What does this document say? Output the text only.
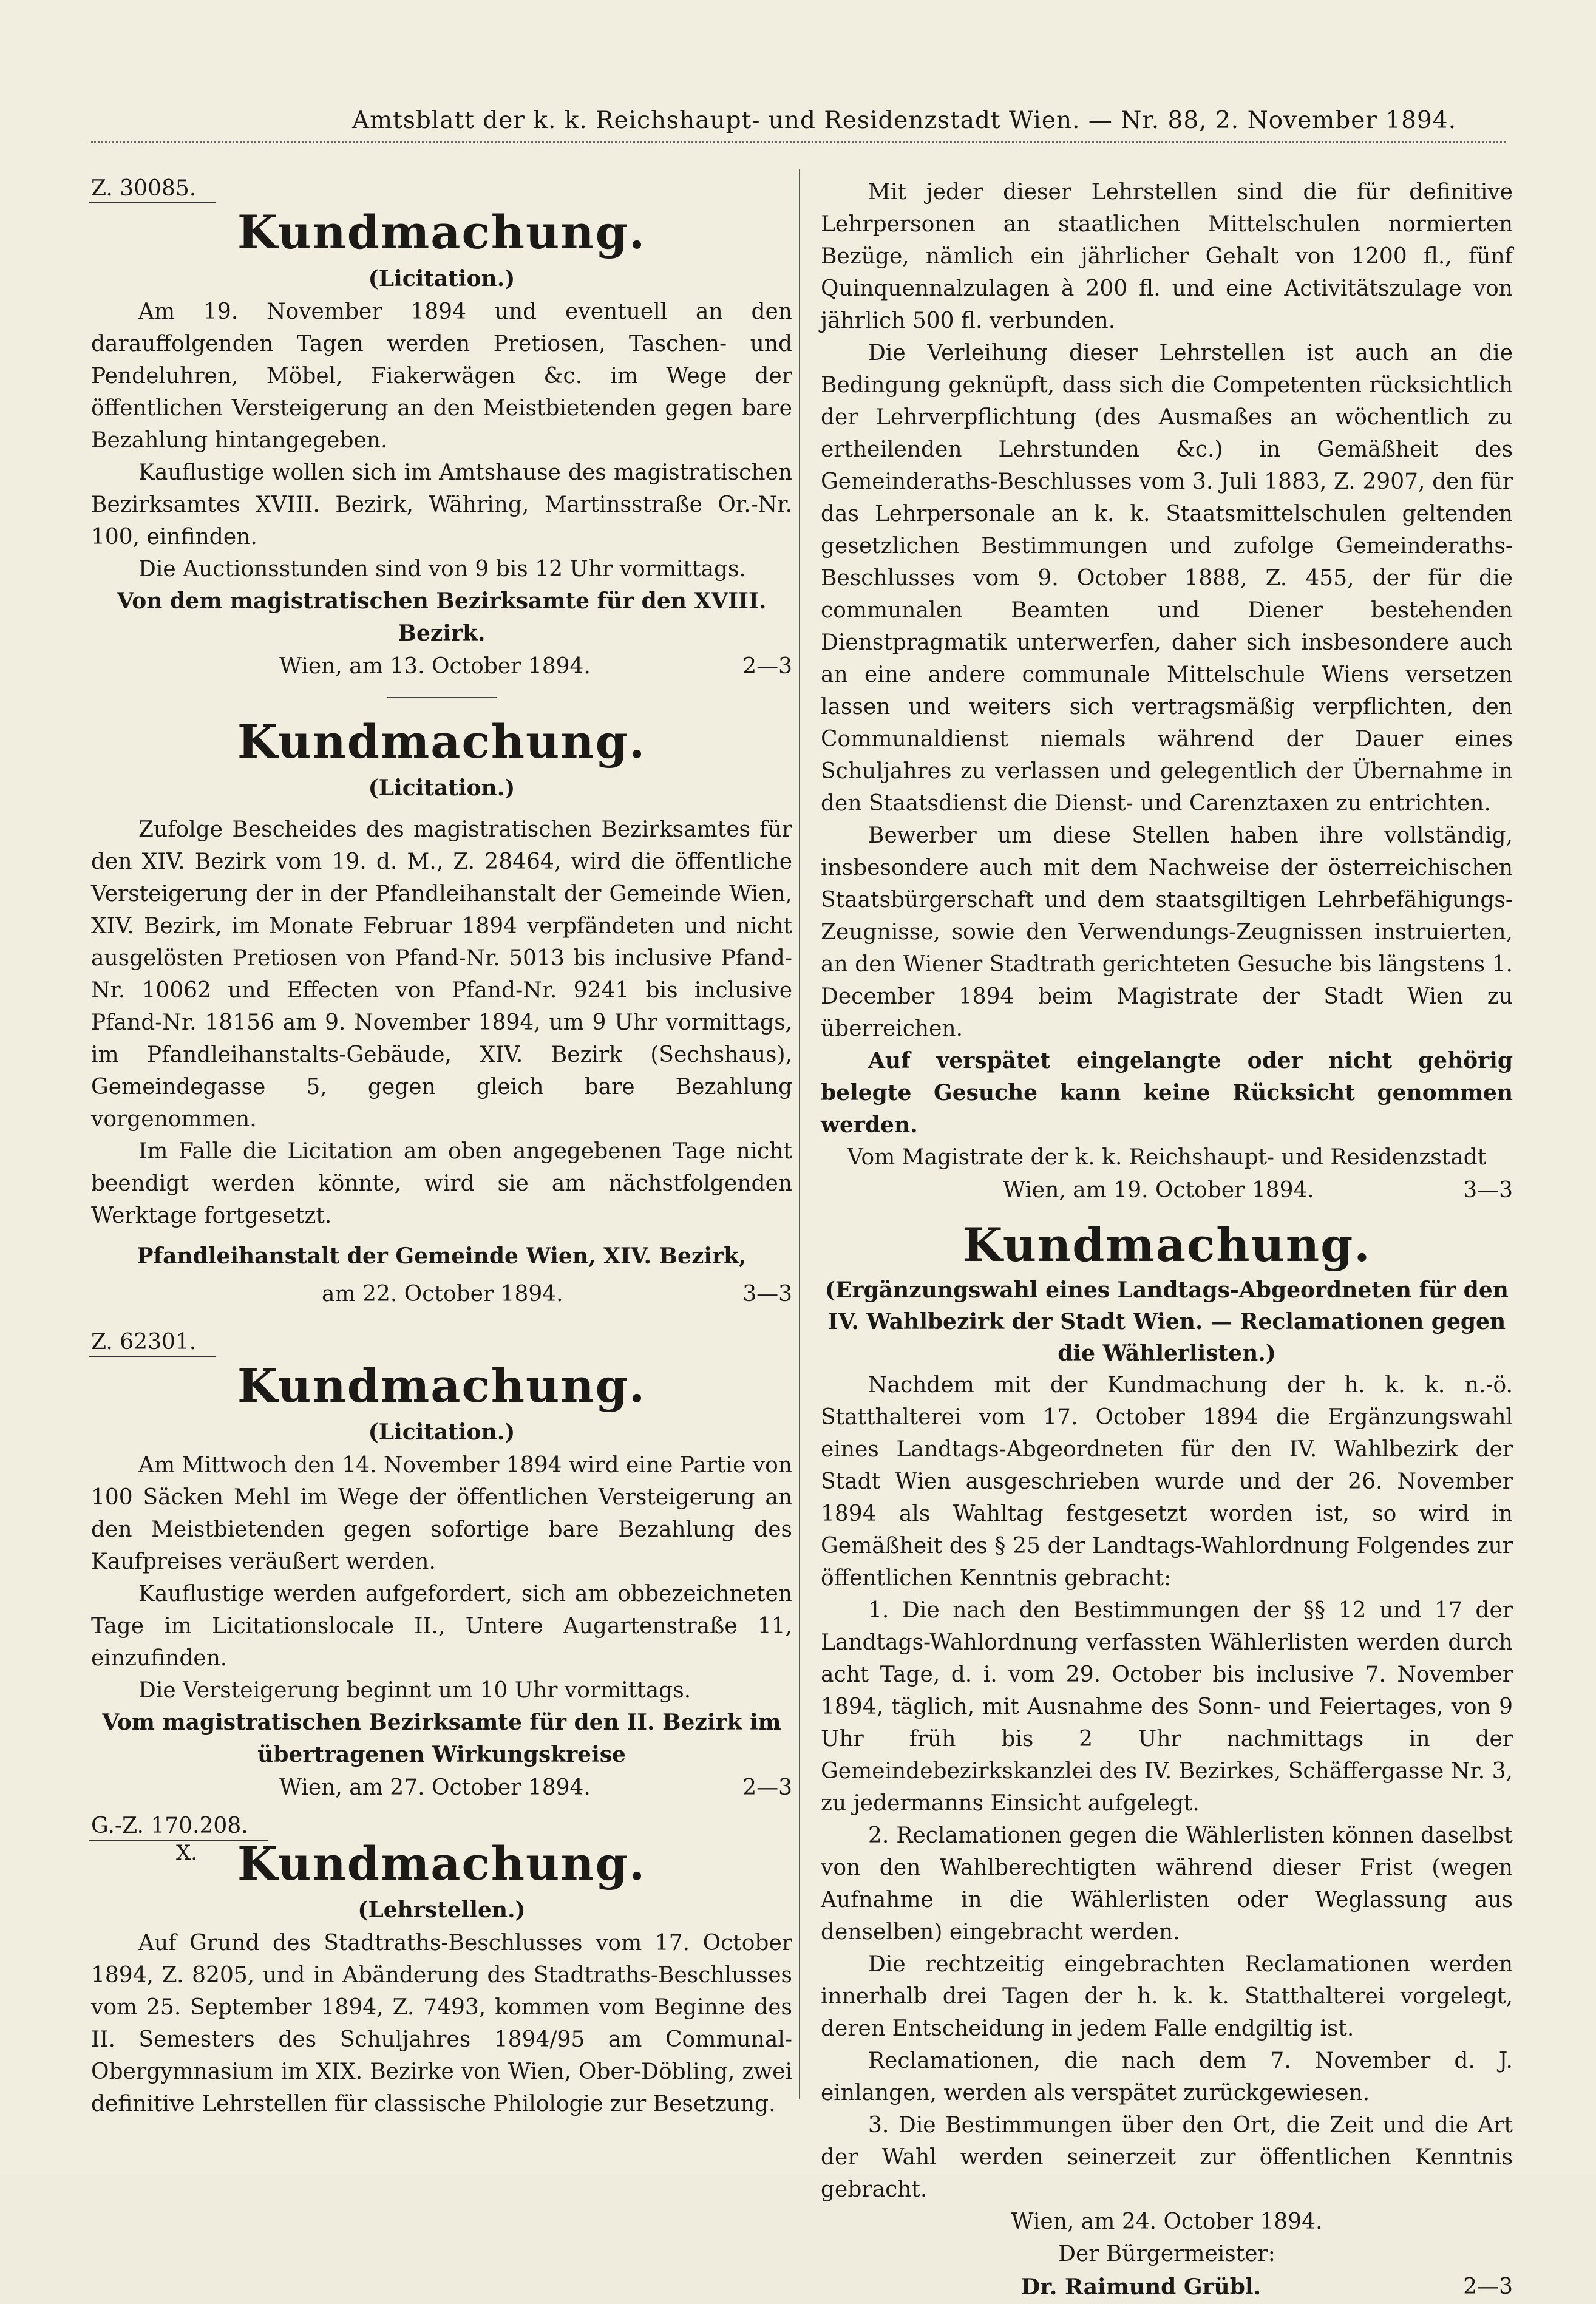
Amtsblatt der k. k. Reichshaupt- und Residenzstadt Wien. — Nr. 88, 2. November 1894.
Z. 30085.

Kundmachung.

(Licitation.)

Am 19. November 1894 und eventuell an den darauffolgenden Tagen werden Pretiosen, Taschen- und Pendeluhren, Möbel, Fiakerwägen &c. im Wege der öffentlichen Versteigerung an den Meistbietenden gegen bare Bezahlung hintangegeben.

Kauflustige wollen sich im Amtshause des magistratischen Bezirksamtes XVIII. Bezirk, Währing, Martinsstraße Or.-Nr. 100, einfinden.

Die Auctionsstunden sind von 9 bis 12 Uhr vormittags.

Von dem magistratischen Bezirksamte für den XVIII. Bezirk.

Wien, am 13. October 1894.	2—3

Kundmachung.

(Licitation.)

Zufolge Bescheides des magistratischen Bezirksamtes für den XIV. Bezirk vom 19. d. M., Z. 28464, wird die öffentliche Versteigerung der in der Pfandleihanstalt der Gemeinde Wien, XIV. Bezirk, im Monate Februar 1894 verpfändeten und nicht ausgelösten Pretiosen von Pfand-Nr. 5013 bis inclusive Pfand-Nr. 10062 und Effecten von Pfand-Nr. 9241 bis inclusive Pfand-Nr. 18156 am 9. November 1894, um 9 Uhr vormittags, im Pfandleihanstalts-Gebäude, XIV. Bezirk (Sechshaus), Gemeindegasse 5, gegen gleich bare Bezahlung vorgenommen.

Im Falle die Licitation am oben angegebenen Tage nicht beendigt werden könnte, wird sie am nächstfolgenden Werktage fortgesetzt.

Pfandleihanstalt der Gemeinde Wien, XIV. Bezirk,

am 22. October 1894.	3—3
Z. 62301.

Kundmachung.

(Licitation.)

Am Mittwoch den 14. November 1894 wird eine Partie von 100 Säcken Mehl im Wege der öffentlichen Versteigerung an den Meistbietenden gegen sofortige bare Bezahlung des Kaufpreises veräußert werden.

Kauflustige werden aufgefordert, sich am obbezeichneten Tage im Licitationslocale II., Untere Augartenstraße 11, einzufinden.

Die Versteigerung beginnt um 10 Uhr vormittags.

Vom magistratischen Bezirksamte für den II. Bezirk im übertragenen Wirkungskreise

Wien, am 27. October 1894.	2—3
G.-Z. 170.208.
X. Kundmachung.

(Lehrstellen.)

Auf Grund des Stadtraths-Beschlusses vom 17. October 1894, Z. 8205, und in Abänderung des Stadtraths-Beschlusses vom 25. September 1894, Z. 7493, kommen vom Beginne des II. Semesters des Schuljahres 1894/95 am Communal-Obergymnasium im XIX. Bezirke von Wien, Ober-Döbling, zwei definitive Lehrstellen für classische Philologie zur Besetzung.

Mit jeder dieser Lehrstellen sind die für definitive Lehrpersonen an staatlichen Mittelschulen normierten Bezüge, nämlich ein jährlicher Gehalt von 1200 fl., fünf Quinquennalzulagen à 200 fl. und eine Activitätszulage von jährlich 500 fl. verbunden.

Die Verleihung dieser Lehrstellen ist auch an die Bedingung geknüpft, dass sich die Competenten rücksichtlich der Lehrverpflichtung (des Ausmaßes an wöchentlich zu ertheilenden Lehrstunden &c.) in Gemäßheit des Gemeinderaths-Beschlusses vom 3. Juli 1883, Z. 2907, den für das Lehrpersonale an k. k. Staatsmittelschulen geltenden gesetzlichen Bestimmungen und zufolge Gemeinderaths-Beschlusses vom 9. October 1888, Z. 455, der für die communalen Beamten und Diener bestehenden Dienstpragmatik unterwerfen, daher sich insbesondere auch an eine andere communale Mittelschule Wiens versetzen lassen und weiters sich vertragsmäßig verpflichten, den Communaldienst niemals während der Dauer eines Schuljahres zu verlassen und gelegentlich der Übernahme in den Staatsdienst die Dienst- und Carenztaxen zu entrichten.

Bewerber um diese Stellen haben ihre vollständig, insbesondere auch mit dem Nachweise der österreichischen Staatsbürgerschaft und dem staatsgiltigen Lehrbefähigungs-Zeugnisse, sowie den Verwendungs-Zeugnissen instruierten, an den Wiener Stadtrath gerichteten Gesuche bis längstens 1. December 1894 beim Magistrate der Stadt Wien zu überreichen.

Auf verspätet eingelangte oder nicht gehörig belegte Gesuche kann keine Rücksicht genommen werden.

Vom Magistrate der k. k. Reichshaupt- und Residenzstadt

Wien, am 19. October 1894.	3—3

Kundmachung.

(Ergänzungswahl eines Landtags-Abgeordneten für den IV. Wahlbezirk der Stadt Wien. — Reclamationen gegen die Wählerlisten.)

Nachdem mit der Kundmachung der h. k. k. n.-ö. Statthalterei vom 17. October 1894 die Ergänzungswahl eines Landtags-Abgeordneten für den IV. Wahlbezirk der Stadt Wien ausgeschrieben wurde und der 26. November 1894 als Wahltag festgesetzt worden ist, so wird in Gemäßheit des § 25 der Landtags-Wahlordnung Folgendes zur öffentlichen Kenntnis gebracht:

1. Die nach den Bestimmungen der §§ 12 und 17 der Landtags-Wahlordnung verfassten Wählerlisten werden durch acht Tage, d. i. vom 29. October bis inclusive 7. November 1894, täglich, mit Ausnahme des Sonn- und Feiertages, von 9 Uhr früh bis 2 Uhr nachmittags in der Gemeindebezirkskanzlei des IV. Bezirkes, Schäffergasse Nr. 3, zu jedermanns Einsicht aufgelegt.

2. Reclamationen gegen die Wählerlisten können daselbst von den Wahlberechtigten während dieser Frist (wegen Aufnahme in die Wählerlisten oder Weglassung aus denselben) eingebracht werden.

Die rechtzeitig eingebrachten Reclamationen werden innerhalb drei Tagen der h. k. k. Statthalterei vorgelegt, deren Entscheidung in jedem Falle endgiltig ist.

Reclamationen, die nach dem 7. November d. J. einlangen, werden als verspätet zurückgewiesen.

3. Die Bestimmungen über den Ort, die Zeit und die Art der Wahl werden seinerzeit zur öffentlichen Kenntnis gebracht.

Wien, am 24. October 1894.

Der Bürgermeister:

Dr. Raimund Grübl.	2—3
